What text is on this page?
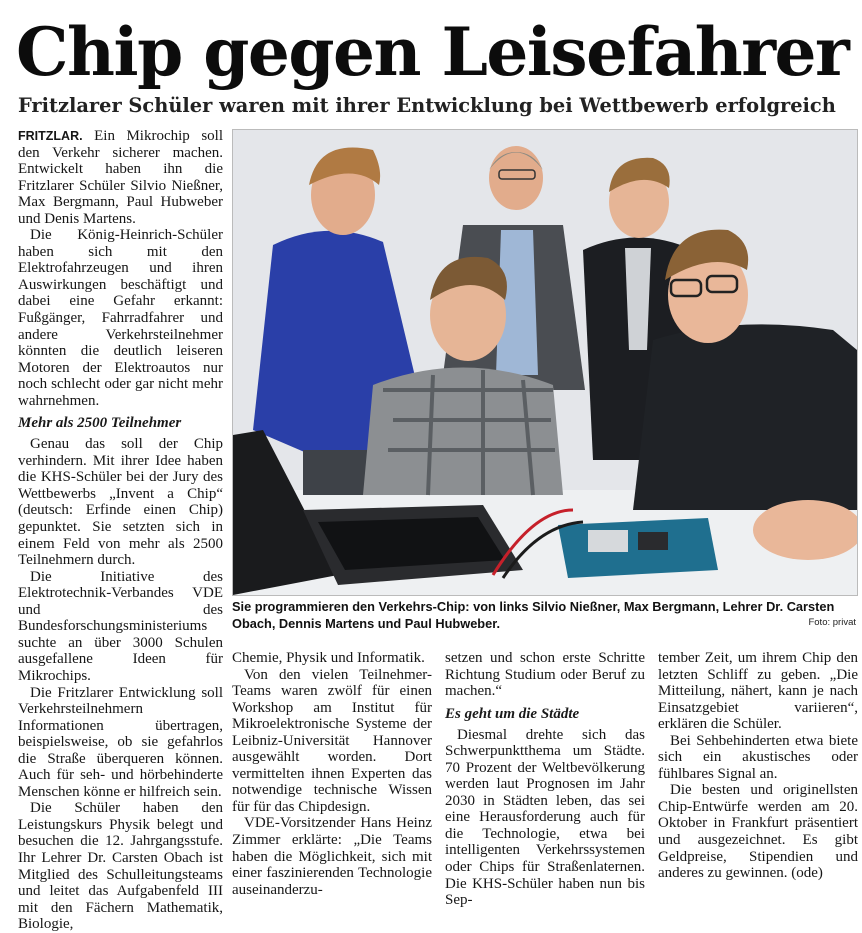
Chip gegen Leisefahrer
Fritzlarer Schüler waren mit ihrer Entwicklung bei Wettbewerb erfolgreich

FRITZLAR. Ein Mikrochip soll den Verkehr sicherer machen. Entwickelt haben ihn die Fritzlarer Schüler Silvio Nießner, Max Bergmann, Paul Hubweber und Denis Martens.

Die König-Heinrich-Schüler haben sich mit den Elektrofahrzeugen und ihren Auswirkungen beschäftigt und dabei eine Gefahr erkannt: Fußgänger, Fahrradfahrer und andere Verkehrsteilnehmer könnten die deutlich leiseren Motoren der Elektroautos nur noch schlecht oder gar nicht mehr wahrnehmen.

Mehr als 2500 Teilnehmer

Genau das soll der Chip verhindern. Mit ihrer Idee haben die KHS-Schüler bei der Jury des Wettbewerbs „Invent a Chip“ (deutsch: Erfinde einen Chip) gepunktet. Sie setzten sich in einem Feld von mehr als 2500 Teilnehmern durch.

Die Initiative des Elektrotechnik-Verbandes VDE und des Bundesforschungsministeriums suchte an über 3000 Schulen ausgefallene Ideen für Mikrochips.

Die Fritzlarer Entwicklung soll Verkehrsteilnehmern Informationen übertragen, beispielsweise, ob sie gefahrlos die Straße überqueren können. Auch für seh- und hörbehinderte Menschen könne er hilfreich sein.

Die Schüler haben den Leistungskurs Physik belegt und besuchen die 12. Jahrgangsstufe. Ihr Lehrer Dr. Carsten Obach ist Mitglied des Schulleitungsteams und leitet das Aufgabenfeld III mit den Fächern Mathematik, Biologie,

Sie programmieren den Verkehrs-Chip: von links Silvio Nießner, Max Bergmann, Lehrer Dr. Carsten Obach, Dennis Martens und Paul Hubweber.	Foto: privat

Chemie, Physik und Informatik.

Von den vielen Teilnehmer-Teams waren zwölf für einen Workshop am Institut für Mikroelektronische Systeme der Leibniz-Universität Hannover ausgewählt worden. Dort vermittelten ihnen Experten das notwendige technische Wissen für für das Chipdesign.

VDE-Vorsitzender Hans Heinz Zimmer erklärte: „Die Teams haben die Möglichkeit, sich mit einer faszinierenden Technologie auseinanderzu-

setzen und schon erste Schritte Richtung Studium oder Beruf zu machen.“

Es geht um die Städte

Diesmal drehte sich das Schwerpunktthema um Städte. 70 Prozent der Weltbevölkerung werden laut Prognosen im Jahr 2030 in Städten leben, das sei eine Herausforderung auch für die Technologie, etwa bei intelligenten Verkehrssystemen oder Chips für Straßenlaternen. Die KHS-Schüler haben nun bis Sep-

tember Zeit, um ihrem Chip den letzten Schliff zu geben. „Die Mitteilung, nähert, kann je nach Einsatzgebiet variieren“, erklären die Schüler.

Bei Sehbehinderten etwa biete sich ein akustisches oder fühlbares Signal an.

Die besten und originellsten Chip-Entwürfe werden am 20. Oktober in Frankfurt präsentiert und ausgezeichnet. Es gibt Geldpreise, Stipendien und anderes zu gewinnen. (ode)
